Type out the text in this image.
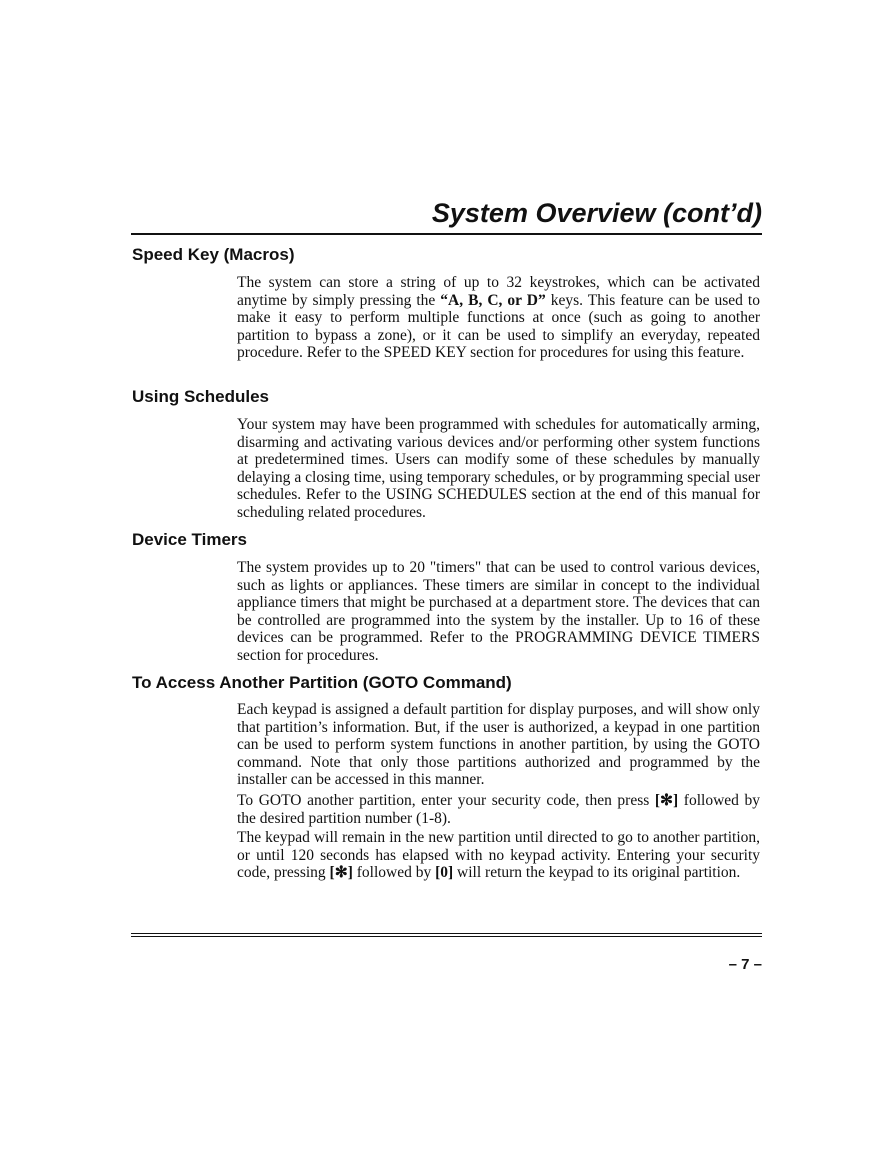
System Overview (cont’d)
Speed Key (Macros)

The system can store a string of up to 32 keystrokes, which can be activated anytime by simply pressing the “A, B, C, or D” keys. This feature can be used to make it easy to perform multiple functions at once (such as going to another partition to bypass a zone), or it can be used to simplify an everyday, repeated procedure. Refer to the SPEED KEY section for procedures for using this feature.

Using Schedules

Your system may have been programmed with schedules for automatically arming, disarming and activating various devices and/or performing other system functions at predetermined times. Users can modify some of these schedules by manually delaying a closing time, using temporary schedules, or by programming special user schedules. Refer to the USING SCHEDULES section at the end of this manual for scheduling related procedures.

Device Timers

The system provides up to 20 "timers" that can be used to control various devices, such as lights or appliances. These timers are similar in concept to the individual appliance timers that might be purchased at a department store. The devices that can be controlled are programmed into the system by the installer. Up to 16 of these devices can be programmed. Refer to the PROGRAMMING DEVICE TIMERS section for procedures.

To Access Another Partition (GOTO Command)

Each keypad is assigned a default partition for display purposes, and will show only that partition’s information. But, if the user is authorized, a keypad in one partition can be used to perform system functions in another partition, by using the GOTO command. Note that only those partitions authorized and programmed by the installer can be accessed in this manner.

To GOTO another partition, enter your security code, then press [✻] followed by the desired partition number (1-8).

The keypad will remain in the new partition until directed to go to another partition, or until 120 seconds has elapsed with no keypad activity. Entering your security code, pressing [✻] followed by [0] will return the keypad to its original partition.

– 7 –
